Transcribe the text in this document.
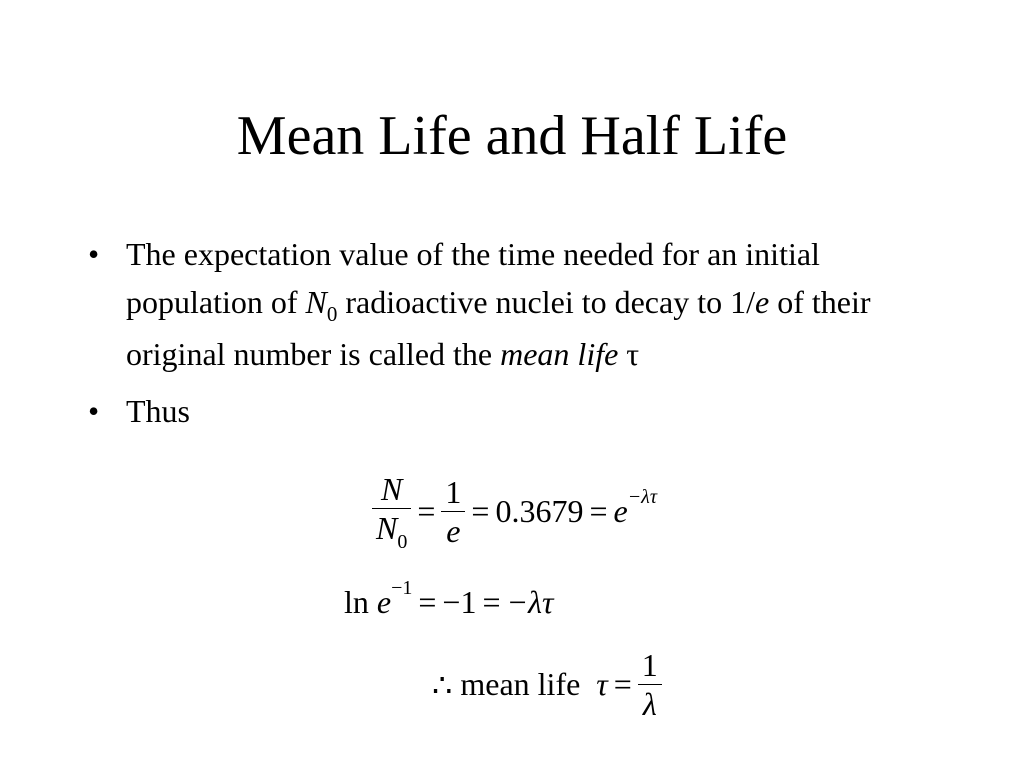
Mean Life and Half Life
• The expectation value of the time needed for an initial population of $N_0$ radioactive nuclei to decay to 1/e of their original number is called the mean life τ
• Thus
$\frac{N}{N_0} = \frac{1}{e} = 0.3679 = e -\lambda\tau$
ln
e −1 = −1 = −λτ
∴
mean life
$\tau = \frac{1}{\lambda}$
